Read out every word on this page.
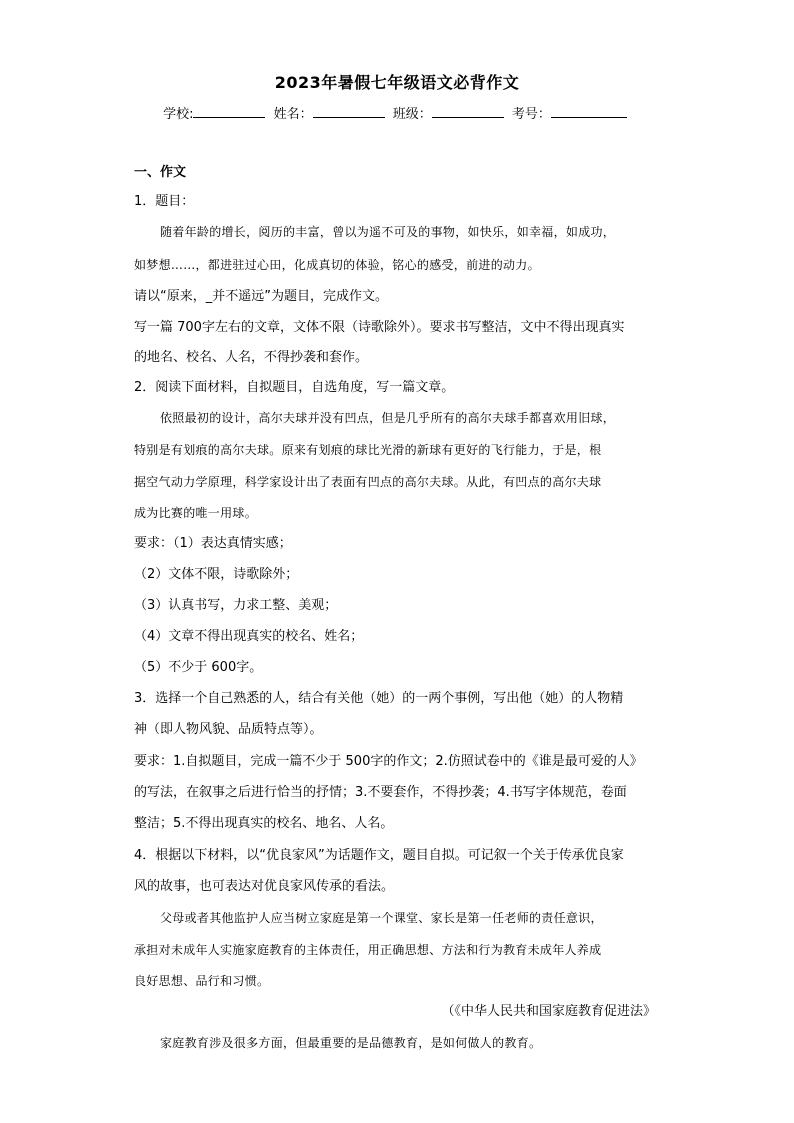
2023年暑假七年级语文必背作文
学校:	姓名：	班级：	考号：
一、作文
1．题目：
随着年龄的增长，阅历的丰富，曾以为遥不可及的事物，如快乐，如幸福，如成功，
如梦想……，都进驻过心田，化成真切的体验，铭心的感受，前进的动力。
请以“原来，_并不遥远”为题目，完成作文。
写一篇 700字左右的文章，文体不限（诗歌除外）。要求书写整洁，文中不得出现真实
的地名、校名、人名，不得抄袭和套作。
2．阅读下面材料，自拟题目，自选角度，写一篇文章。
依照最初的设计，高尔夫球并没有凹点，但是几乎所有的高尔夫球手都喜欢用旧球，
特别是有划痕的高尔夫球。原来有划痕的球比光滑的新球有更好的飞行能力，于是，根
据空气动力学原理，科学家设计出了表面有凹点的高尔夫球。从此，有凹点的高尔夫球
成为比赛的唯一用球。
要求：（1）表达真情实感；
（2）文体不限，诗歌除外；
（3）认真书写，力求工整、美观；
（4）文章不得出现真实的校名、姓名；
（5）不少于 600字。
3．选择一个自己熟悉的人，结合有关他（她）的一两个事例，写出他（她）的人物精
神（即人物风貌、品质特点等）。
要求：1.自拟题目，完成一篇不少于 500字的作文；2.仿照试卷中的《谁是最可爱的人》
的写法，在叙事之后进行恰当的抒情；3.不要套作，不得抄袭；4.书写字体规范，卷面
整洁；5.不得出现真实的校名、地名、人名。
4．根据以下材料，以“优良家风”为话题作文，题目自拟。可记叙一个关于传承优良家
风的故事，也可表达对优良家风传承的看法。
父母或者其他监护人应当树立家庭是第一个课堂、家长是第一任老师的责任意识，
承担对未成年人实施家庭教育的主体责任，用正确思想、方法和行为教育未成年人养成
良好思想、品行和习惯。
（《中华人民共和国家庭教育促进法》
家庭教育涉及很多方面，但最重要的是品德教育，是如何做人的教育。
